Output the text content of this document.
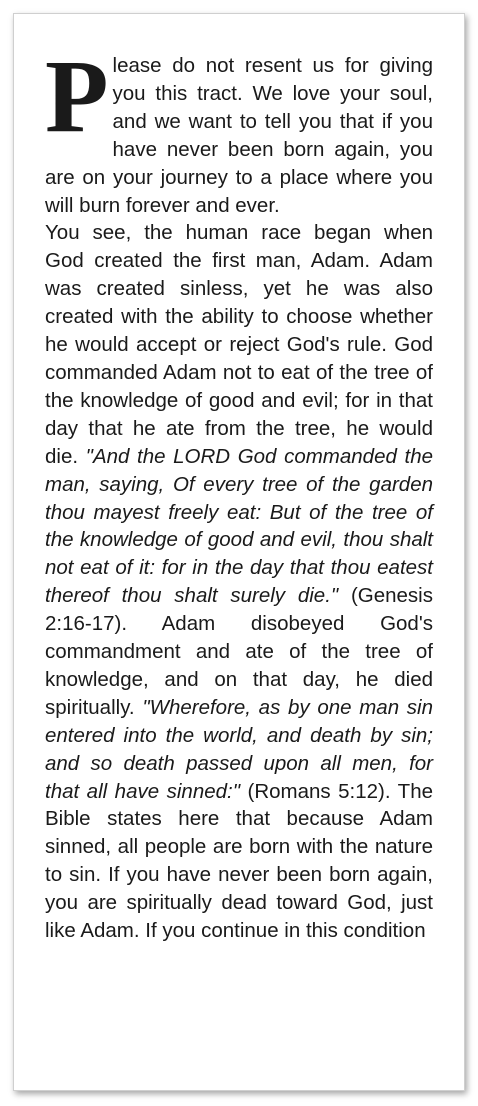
Please do not resent us for giving you this tract. We love your soul, and we want to tell you that if you have never been born again, you are on your journey to a place where you will burn forever and ever.

You see, the human race began when God created the first man, Adam. Adam was created sinless, yet he was also created with the ability to choose whether he would accept or reject God's rule. God commanded Adam not to eat of the tree of the knowledge of good and evil; for in that day that he ate from the tree, he would die. "And the LORD God commanded the man, saying, Of every tree of the garden thou mayest freely eat: But of the tree of the knowledge of good and evil, thou shalt not eat of it: for in the day that thou eatest thereof thou shalt surely die." (Genesis 2:16-17). Adam disobeyed God's commandment and ate of the tree of knowledge, and on that day, he died spiritually. "Wherefore, as by one man sin entered into the world, and death by sin; and so death passed upon all men, for that all have sinned:" (Romans 5:12). The Bible states here that because Adam sinned, all people are born with the nature to sin. If you have never been born again, you are spiritually dead toward God, just like Adam. If you continue in this condition
